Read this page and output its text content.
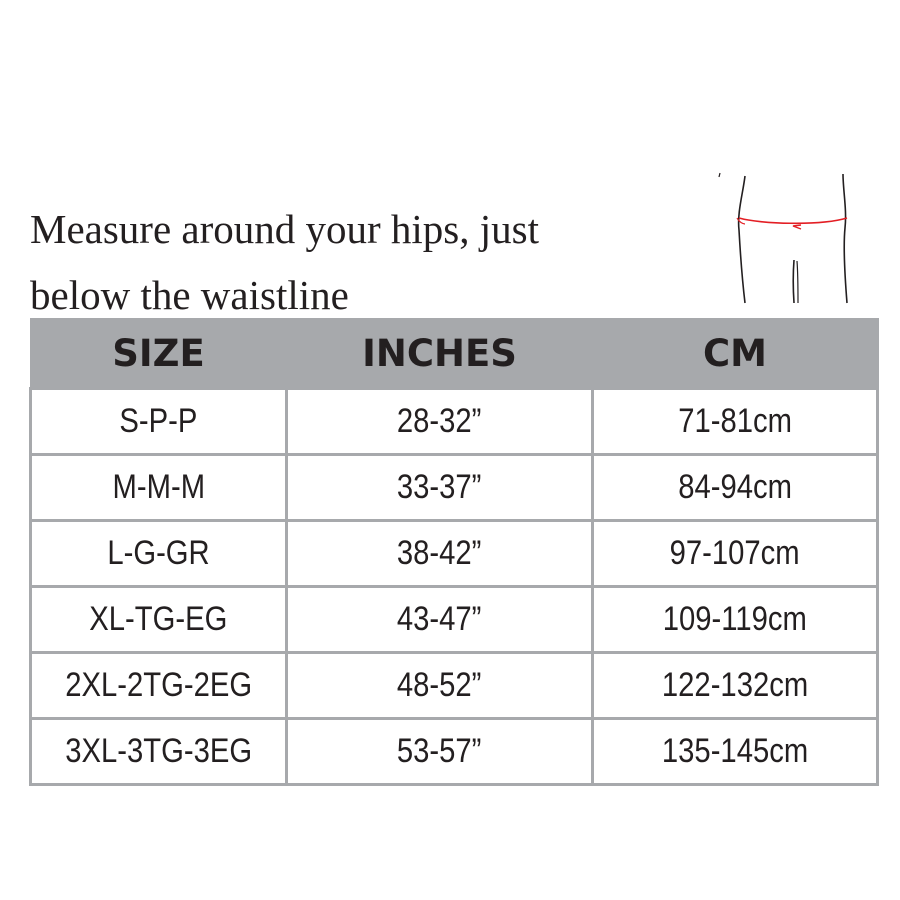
Measure around your hips, just
below the waistline

SIZE	INCHES	CM
S-P-P	28-32”	71-81cm
M-M-M	33-37”	84-94cm
L-G-GR	38-42”	97-107cm
XL-TG-EG	43-47”	109-119cm
2XL-2TG-2EG	48-52”	122-132cm
3XL-3TG-3EG	53-57”	135-145cm
